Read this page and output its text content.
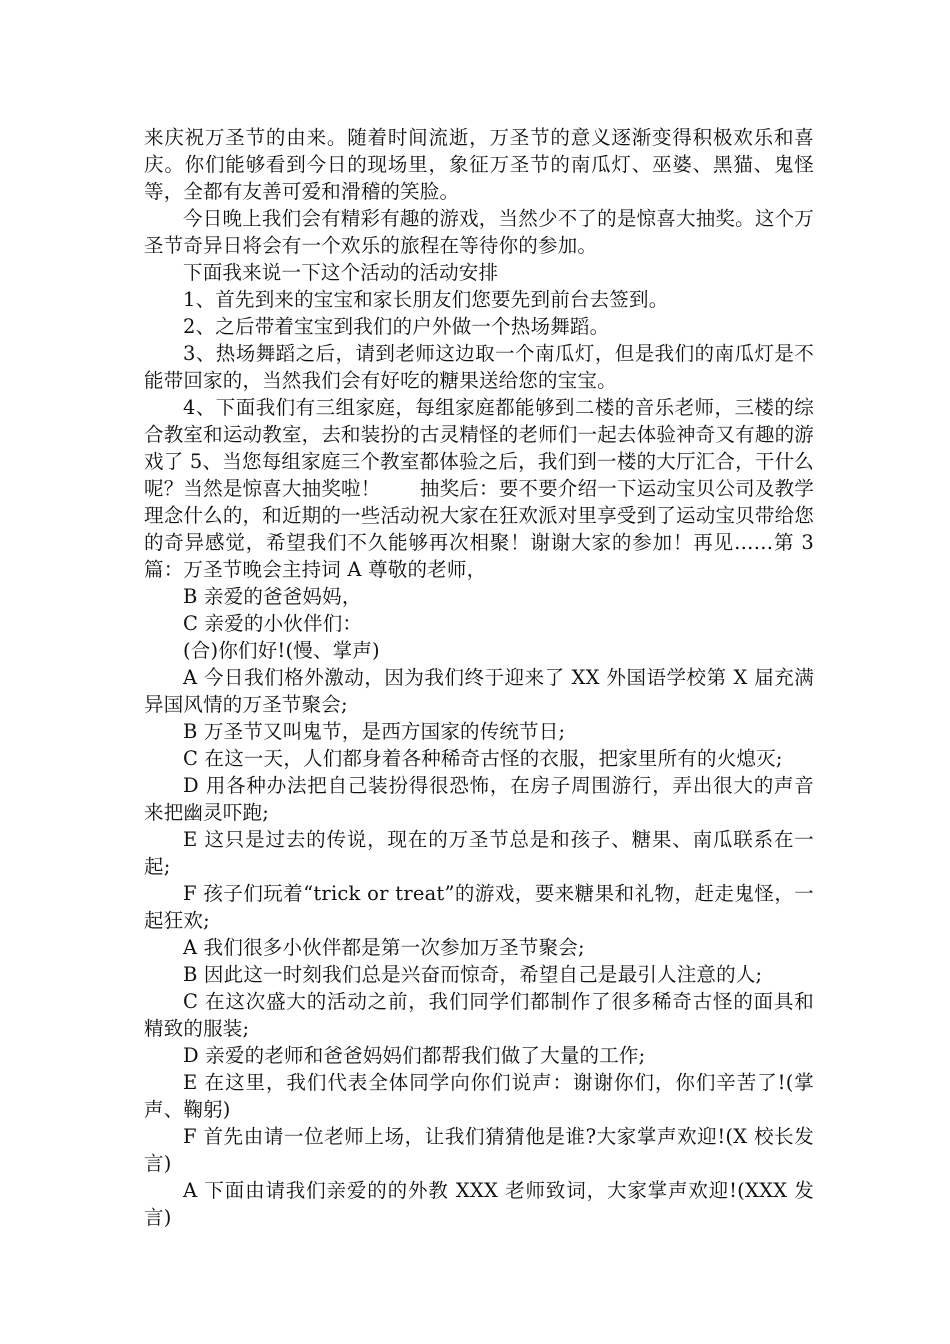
来庆祝万圣节的由来。随着时间流逝，万圣节的意义逐渐变得积极欢乐和喜庆。你们能够看到今日的现场里，象征万圣节的南瓜灯、巫婆、黑猫、鬼怪等，全都有友善可爱和滑稽的笑脸。

今日晚上我们会有精彩有趣的游戏，当然少不了的是惊喜大抽奖。这个万圣节奇异日将会有一个欢乐的旅程在等待你的参加。

下面我来说一下这个活动的活动安排

1、首先到来的宝宝和家长朋友们您要先到前台去签到。

2、之后带着宝宝到我们的户外做一个热场舞蹈。

3、热场舞蹈之后，请到老师这边取一个南瓜灯，但是我们的南瓜灯是不能带回家的，当然我们会有好吃的糖果送给您的宝宝。

4、下面我们有三组家庭，每组家庭都能够到二楼的音乐老师，三楼的综合教室和运动教室，去和装扮的古灵精怪的老师们一起去体验神奇又有趣的游戏了 5、当您每组家庭三个教室都体验之后，我们到一楼的大厅汇合，干什么呢？当然是惊喜大抽奖啦！　　抽奖后：要不要介绍一下运动宝贝公司及教学理念什么的，和近期的一些活动祝大家在狂欢派对里享受到了运动宝贝带给您的奇异感觉，希望我们不久能够再次相聚！谢谢大家的参加！再见……第 3 篇：万圣节晚会主持词 A 尊敬的老师，

B 亲爱的爸爸妈妈，

C 亲爱的小伙伴们：

(合)你们好!(慢、掌声)

A 今日我们格外激动，因为我们终于迎来了 XX 外国语学校第 X 届充满异国风情的万圣节聚会;

B 万圣节又叫鬼节，是西方国家的传统节日;

C 在这一天，人们都身着各种稀奇古怪的衣服，把家里所有的火熄灭;

D 用各种办法把自己装扮得很恐怖，在房子周围游行，弄出很大的声音来把幽灵吓跑;

E 这只是过去的传说，现在的万圣节总是和孩子、糖果、南瓜联系在一起;

F 孩子们玩着“trick or treat”的游戏，要来糖果和礼物，赶走鬼怪，一起狂欢;

A 我们很多小伙伴都是第一次参加万圣节聚会;

B 因此这一时刻我们总是兴奋而惊奇，希望自己是最引人注意的人;

C 在这次盛大的活动之前，我们同学们都制作了很多稀奇古怪的面具和精致的服装;

D 亲爱的老师和爸爸妈妈们都帮我们做了大量的工作;

E 在这里，我们代表全体同学向你们说声：谢谢你们，你们辛苦了!(掌声、鞠躬)

F 首先由请一位老师上场，让我们猜猜他是谁?大家掌声欢迎!(X 校长发言)

A 下面由请我们亲爱的的外教 XXX 老师致词，大家掌声欢迎!(XXX 发言)
